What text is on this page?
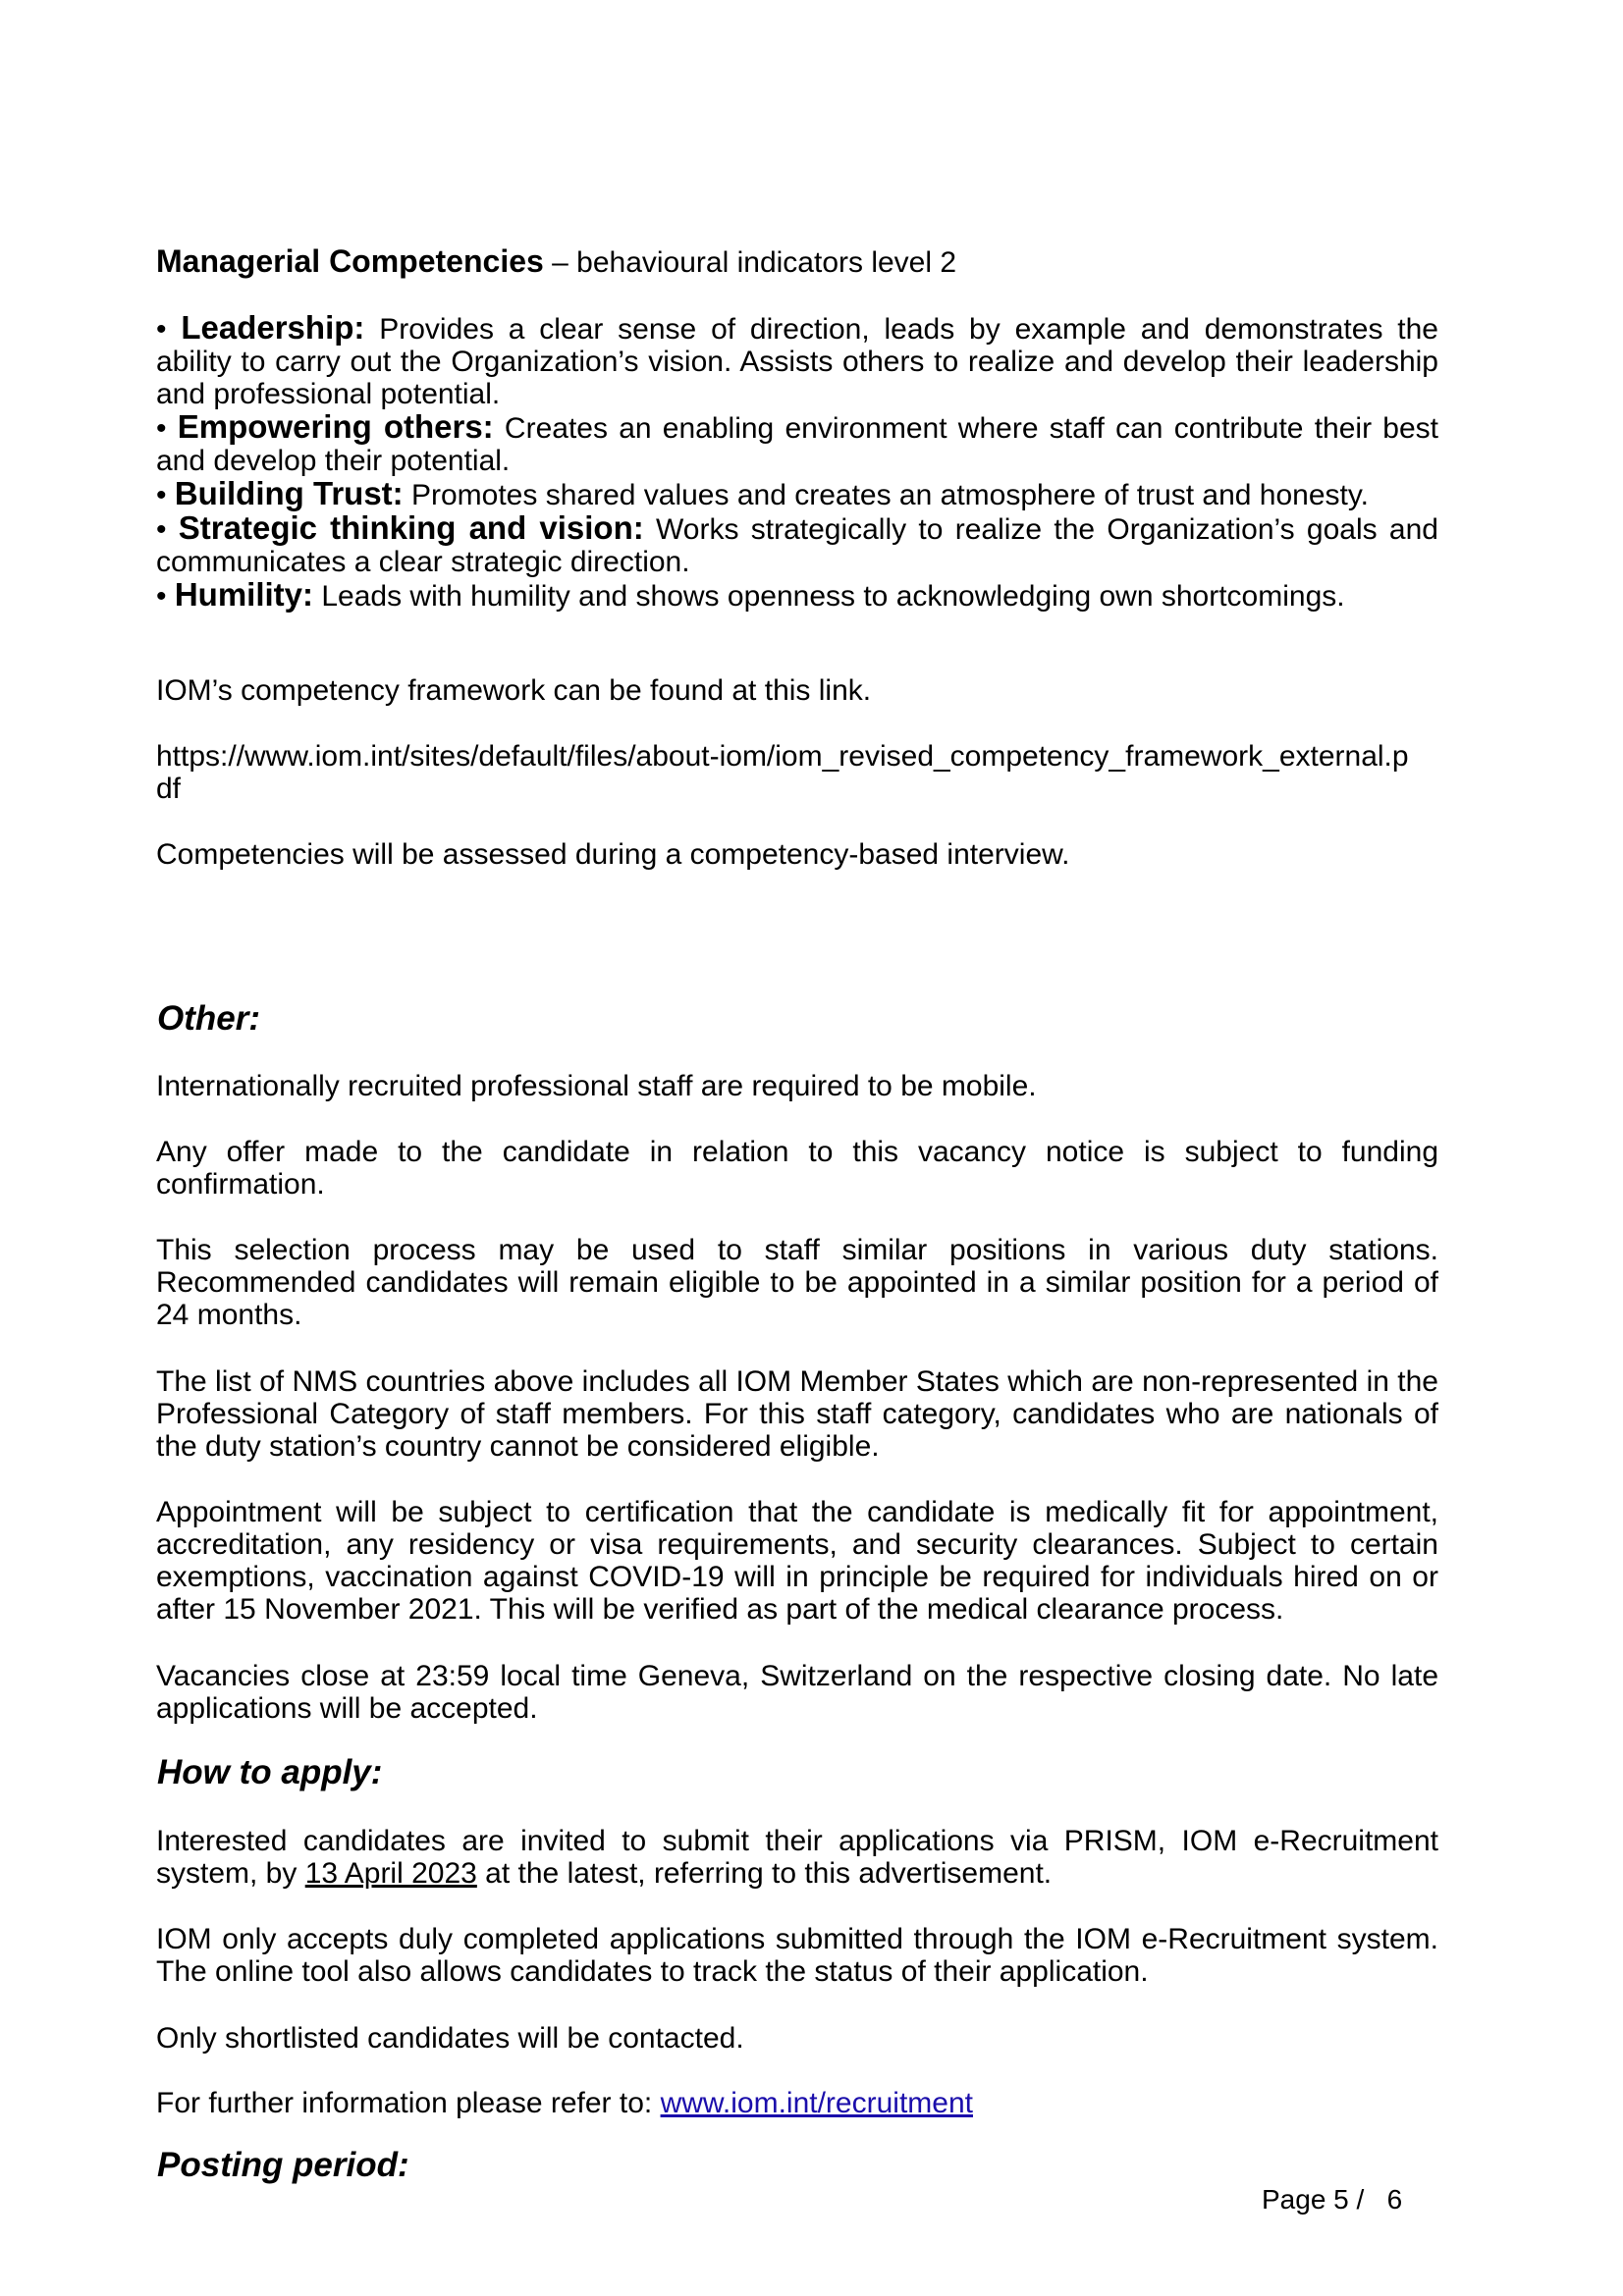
Managerial Competencies – behavioural indicators level 2

• Leadership: Provides a clear sense of direction, leads by example and demonstrates the ability to carry out the Organization’s vision. Assists others to realize and develop their leadership and professional potential.

• Empowering others: Creates an enabling environment where staff can contribute their best and develop their potential.

• Building Trust: Promotes shared values and creates an atmosphere of trust and honesty.

• Strategic thinking and vision: Works strategically to realize the Organization’s goals and communicates a clear strategic direction.

• Humility: Leads with humility and shows openness to acknowledging own shortcomings.

IOM’s competency framework can be found at this link.

https://www.iom.int/sites/default/files/about-iom/iom_revised_competency_framework_external.p

df

Competencies will be assessed during a competency-based interview.
Other:
Internationally recruited professional staff are required to be mobile.
Any offer made to the candidate in relation to this vacancy notice is subject to funding confirmation.
This selection process may be used to staff similar positions in various duty stations. Recommended candidates will remain eligible to be appointed in a similar position for a period of 24 months.
The list of NMS countries above includes all IOM Member States which are non-represented in the Professional Category of staff members. For this staff category, candidates who are nationals of the duty station’s country cannot be considered eligible.
Appointment will be subject to certification that the candidate is medically fit for appointment, accreditation, any residency or visa requirements, and security clearances. Subject to certain exemptions, vaccination against COVID-19 will in principle be required for individuals hired on or after 15 November 2021. This will be verified as part of the medical clearance process.
Vacancies close at 23:59 local time Geneva, Switzerland on the respective closing date. No late applications will be accepted.
How to apply:
Interested candidates are invited to submit their applications via PRISM, IOM e-Recruitment system, by 13 April 2023 at the latest, referring to this advertisement.
IOM only accepts duly completed applications submitted through the IOM e-Recruitment system. The online tool also allows candidates to track the status of their application.
Only shortlisted candidates will be contacted.
For further information please refer to: www.iom.int/recruitment
Posting period:
Page 5 /   6
